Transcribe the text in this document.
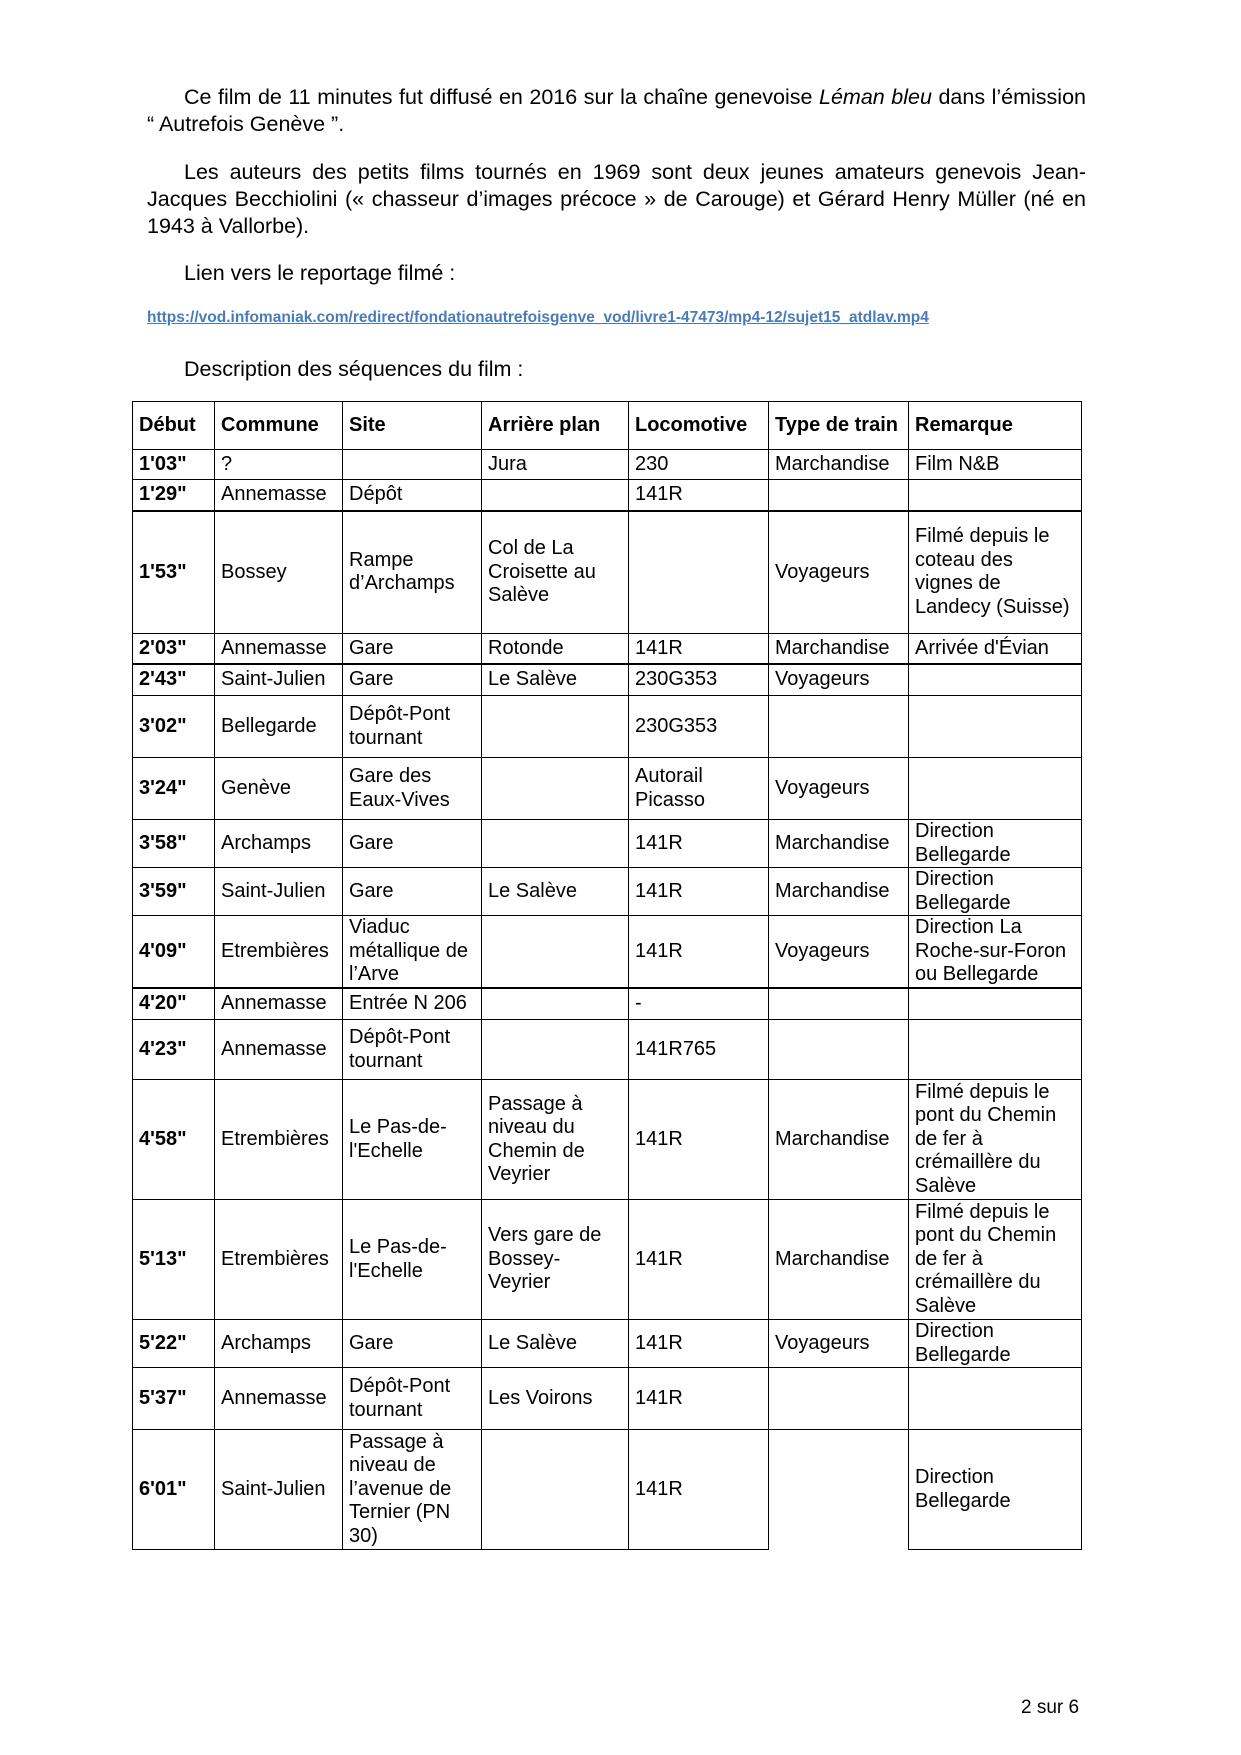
Ce film de 11 minutes fut diffusé en 2016 sur la chaîne genevoise Léman bleu dans l’émission “ Autrefois Genève ”.
Les auteurs des petits films tournés en 1969 sont deux jeunes amateurs genevois Jean-Jacques Becchiolini (« chasseur d’images précoce » de Carouge) et Gérard Henry Müller (né en 1943 à Vallorbe).
Lien vers le reportage filmé :
https://vod.infomaniak.com/redirect/fondationautrefoisgenve_vod/livre1-47473/mp4-12/sujet15_atdlav.mp4
Description des séquences du film :
Début	Commune	Site	Arrière plan	Locomotive	Type de train	Remarque
1'03"	?		Jura	230	Marchandise	Film N&B
1'29"	Annemasse	Dépôt		141R		
1'53"	Bossey	Rampe d’Archamps	Col de La Croisette au Salève		Voyageurs	Filmé depuis le coteau des vignes de Landecy (Suisse)
2'03"	Annemasse	Gare	Rotonde	141R	Marchandise	Arrivée d'Évian
2'43"	Saint-Julien	Gare	Le Salève	230G353	Voyageurs	
3'02"	Bellegarde	Dépôt-Pont tournant		230G353		
3'24"	Genève	Gare des Eaux-Vives		Autorail Picasso	Voyageurs	
3'58"	Archamps	Gare		141R	Marchandise	Direction Bellegarde
3'59"	Saint-Julien	Gare	Le Salève	141R	Marchandise	Direction Bellegarde
4'09"	Etrembières	Viaduc métallique de l’Arve		141R	Voyageurs	Direction La Roche-sur-Foron ou Bellegarde
4'20"	Annemasse	Entrée N 206		-		
4'23"	Annemasse	Dépôt-Pont tournant		141R765		
4'58"	Etrembières	Le Pas-de-l'Echelle	Passage à niveau du Chemin de Veyrier	141R	Marchandise	Filmé depuis le pont du Chemin de fer à crémaillère du Salève
5'13"	Etrembières	Le Pas-de-l'Echelle	Vers gare de Bossey-Veyrier	141R	Marchandise	Filmé depuis le pont du Chemin de fer à crémaillère du Salève
5'22"	Archamps	Gare	Le Salève	141R	Voyageurs	Direction Bellegarde
5'37"	Annemasse	Dépôt-Pont tournant	Les Voirons	141R		
6'01"	Saint-Julien	Passage à niveau de l’avenue de Ternier (PN 30)		141R		Direction Bellegarde
2 sur 6
